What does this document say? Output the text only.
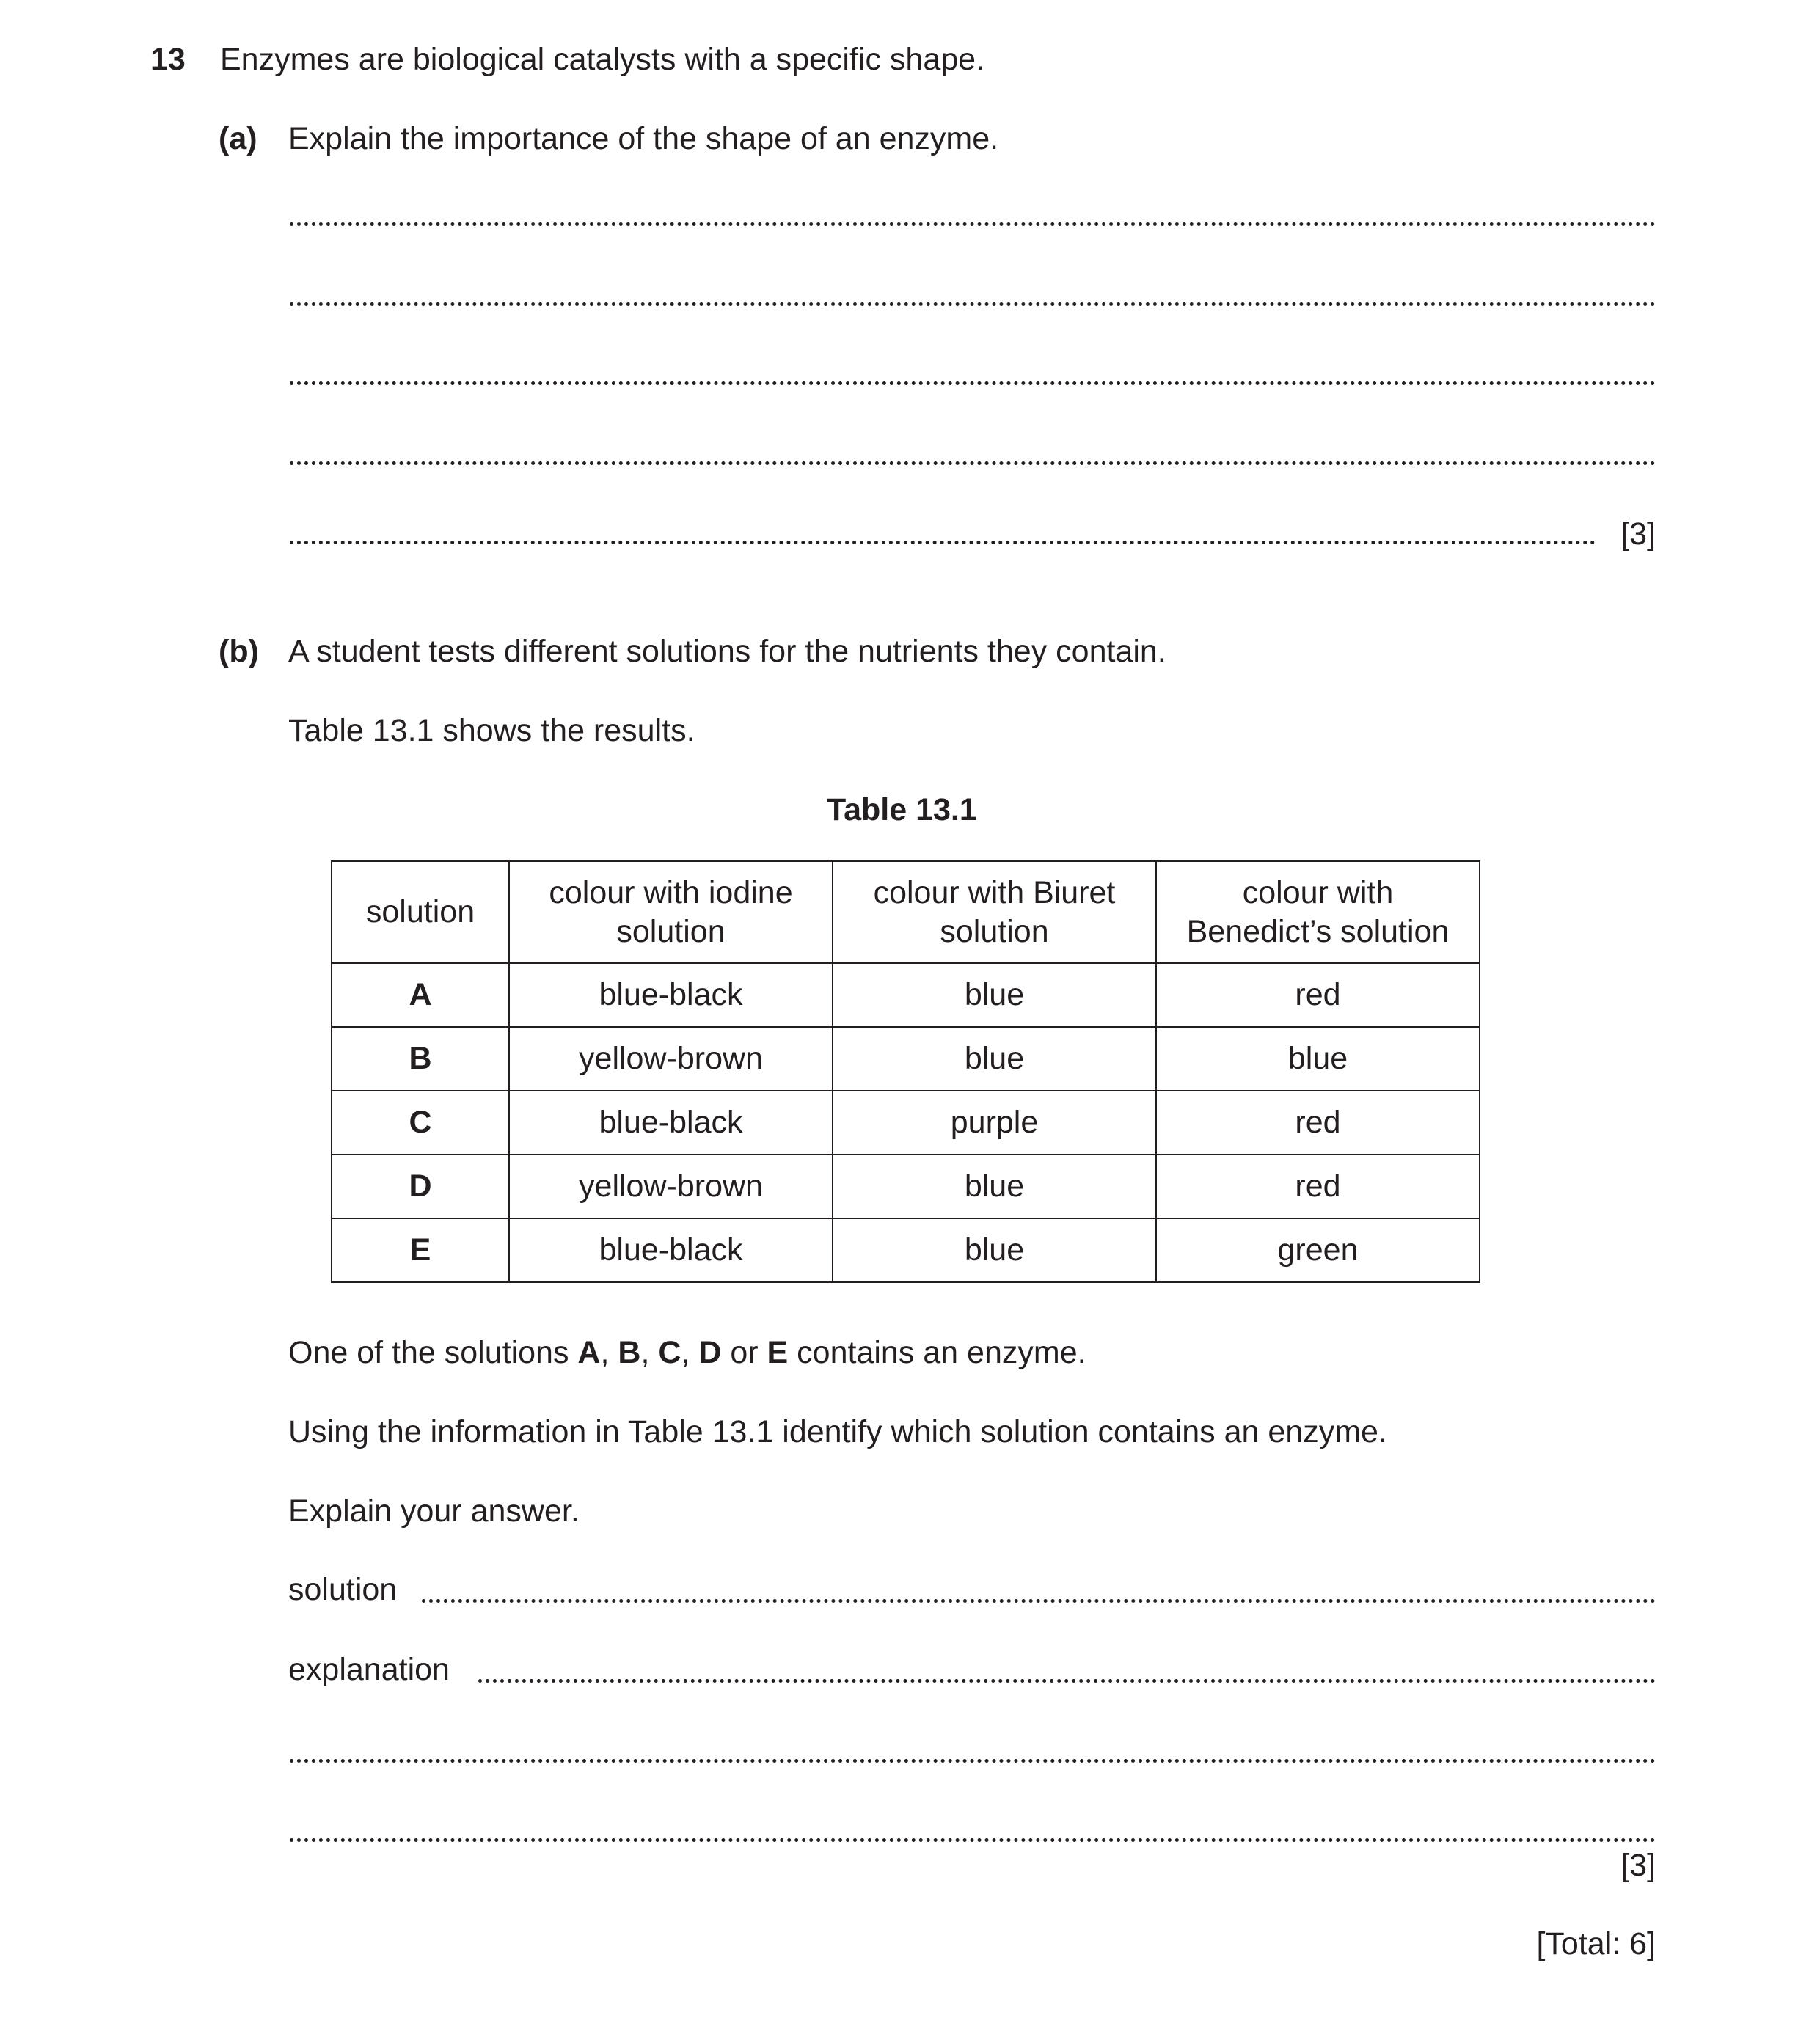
13 Enzymes are biological catalysts with a specific shape.
(a) Explain the importance of the shape of an enzyme.
[3]
(b) A student tests different solutions for the nutrients they contain.
Table 13.1 shows the results.
Table 13.1
solution	colour with iodine solution	colour with Biuret solution	colour with Benedict’s solution

A	blue-black	blue	red
B	yellow-brown	blue	blue
C	blue-black	purple	red
D	yellow-brown	blue	red
E	blue-black	blue	green
One of the solutions A, B, C, D or E contains an enzyme.
Using the information in Table 13.1 identify which solution contains an enzyme.
Explain your answer.
solution
explanation
[3]
[Total: 6]
